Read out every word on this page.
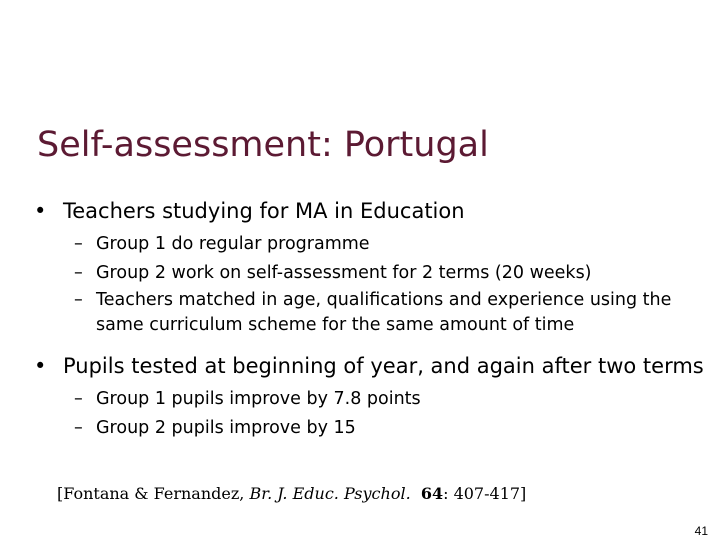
Self-assessment: Portugal
• Teachers studying for MA in Education
– Group 1 do regular programme
– Group 2 work on self-assessment for 2 terms (20 weeks)
– Teachers matched in age, qualifications and experience using the same curriculum scheme for the same amount of time
• Pupils tested at beginning of year, and again after two terms
– Group 1 pupils improve by 7.8 points
– Group 2 pupils improve by 15
[Fontana & Fernandez, Br. J. Educ. Psychol. 64: 407-417]
41
